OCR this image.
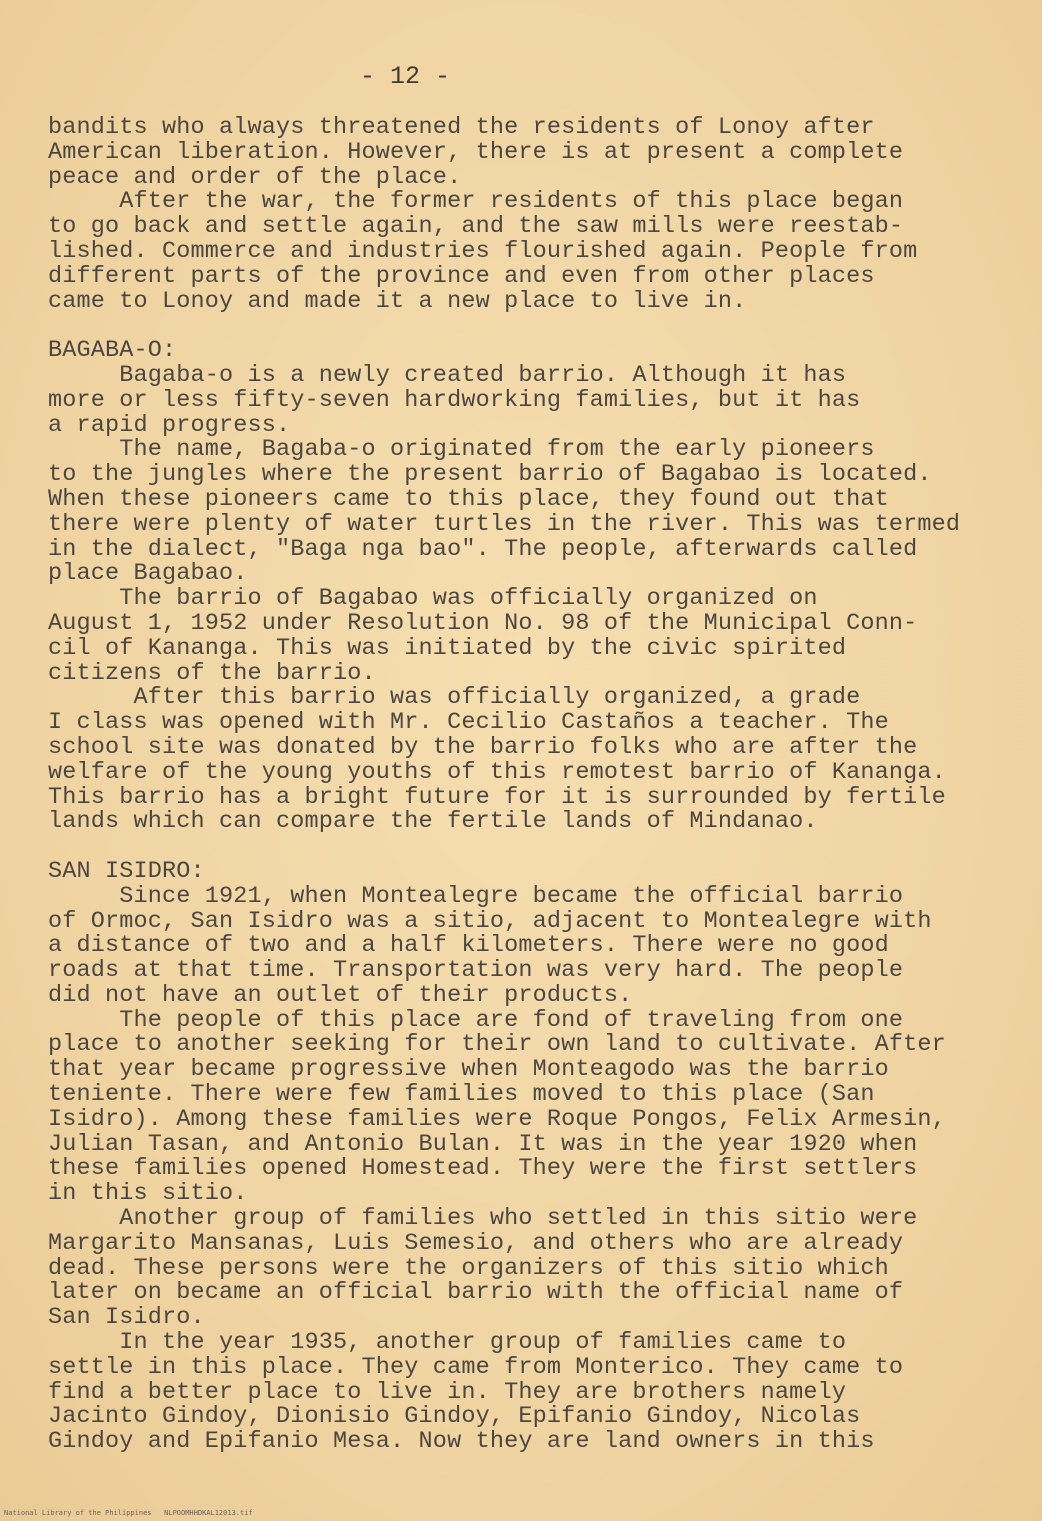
- 12 -
bandits who always threatened the residents of Lonoy after
American liberation. However, there is at present a complete
peace and order of the place.
After the war, the former residents of this place began
to go back and settle again, and the saw mills were reestab-
lished. Commerce and industries flourished again. People from
different parts of the province and even from other places
came to Lonoy and made it a new place to live in.
BAGABA-O:
Bagaba-o is a newly created barrio. Although it has
more or less fifty-seven hardworking families, but it has
a rapid progress.
The name, Bagaba-o originated from the early pioneers
to the jungles where the present barrio of Bagabao is located.
When these pioneers came to this place, they found out that
there were plenty of water turtles in the river. This was termed
in the dialect, "Baga nga bao". The people, afterwards called
place Bagabao.
The barrio of Bagabao was officially organized on
August 1, 1952 under Resolution No. 98 of the Municipal Conn-
cil of Kananga. This was initiated by the civic spirited
citizens of the barrio.
After this barrio was officially organized, a grade
I class was opened with Mr. Cecilio Castaños a teacher. The
school site was donated by the barrio folks who are after the
welfare of the young youths of this remotest barrio of Kananga.
This barrio has a bright future for it is surrounded by fertile
lands which can compare the fertile lands of Mindanao.
SAN ISIDRO:
Since 1921, when Montealegre became the official barrio
of Ormoc, San Isidro was a sitio, adjacent to Montealegre with
a distance of two and a half kilometers. There were no good
roads at that time. Transportation was very hard. The people
did not have an outlet of their products.
The people of this place are fond of traveling from one
place to another seeking for their own land to cultivate. After
that year became progressive when Monteagodo was the barrio
teniente. There were few families moved to this place (San
Isidro). Among these families were Roque Pongos, Felix Armesin,
Julian Tasan, and Antonio Bulan. It was in the year 1920 when
these families opened Homestead. They were the first settlers
in this sitio.
Another group of families who settled in this sitio were
Margarito Mansanas, Luis Semesio, and others who are already
dead. These persons were the organizers of this sitio which
later on became an official barrio with the official name of
San Isidro.
In the year 1935, another group of families came to
settle in this place. They came from Monterico. They came to
find a better place to live in. They are brothers namely
Jacinto Gindoy, Dionisio Gindoy, Epifanio Gindoy, Nicolas
Gindoy and Epifanio Mesa. Now they are land owners in this
National Library of the Philippines   NLPOOMHHDKAL12013.tif
